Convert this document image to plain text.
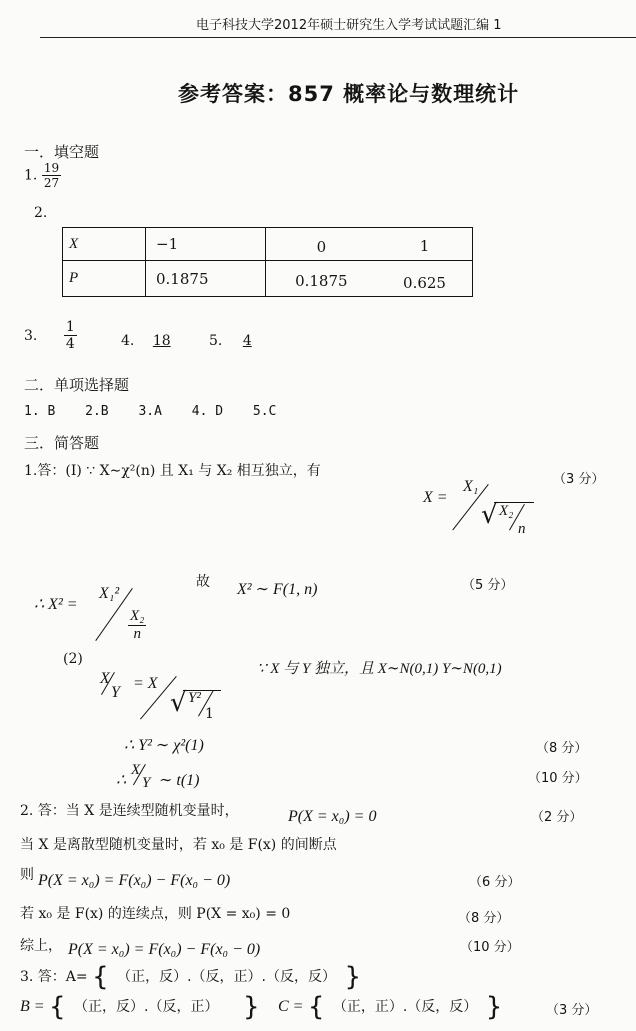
电子科技大学2012年硕士研究生入学考试试题汇编 1
参考答案：857 概率论与数理统计
一．填空题
1. $\frac{19}{27}$
2.
X	−1	0	1
P	0.1875	0.1875	0.625
3. $\frac{1}{4}$	4. 18	5. 4
二．单项选择题
1. B 2.B 3.A 4. D 5.C
三．简答题
1.答：(I) ∵ X∼χ²(n) 且 X₁ 与 X₂ 相互独立，有
（3 分）
X =
X₁
√ X₂
n
故 X² ∼ F(1, n)	（5 分）
∴ X² =
X₁²
$\frac{\text{X₂}}{n}$
(2)
∵ X 与 Y 独立，且 X∼N(0,1) Y∼N(0,1)
X
Y
= X
√ Y²
1
∴ Y² ∼ χ²(1)	（8 分）
∴
X
Y ∼ t(1)	（10 分）
2. 答：当 X 是连续型随机变量时，	P(X = x₀) = 0	（2 分）
当 X 是离散型随机变量时，若 x₀ 是 F(x) 的间断点
则 P(X = x₀) = F(x₀) − F(x₀ − 0)	（6 分）
若 x₀ 是 F(x) 的连续点，则 P(X = x₀) = 0	（8 分）
综上， P(X = x₀) = F(x₀) − F(x₀ − 0)	（10 分）
3. 答：A= { （正，反）.（反，正）.（反，反） }
B = { （正，反）.（反，正） } C = { （正，正）.（反，反） }	（3 分）
